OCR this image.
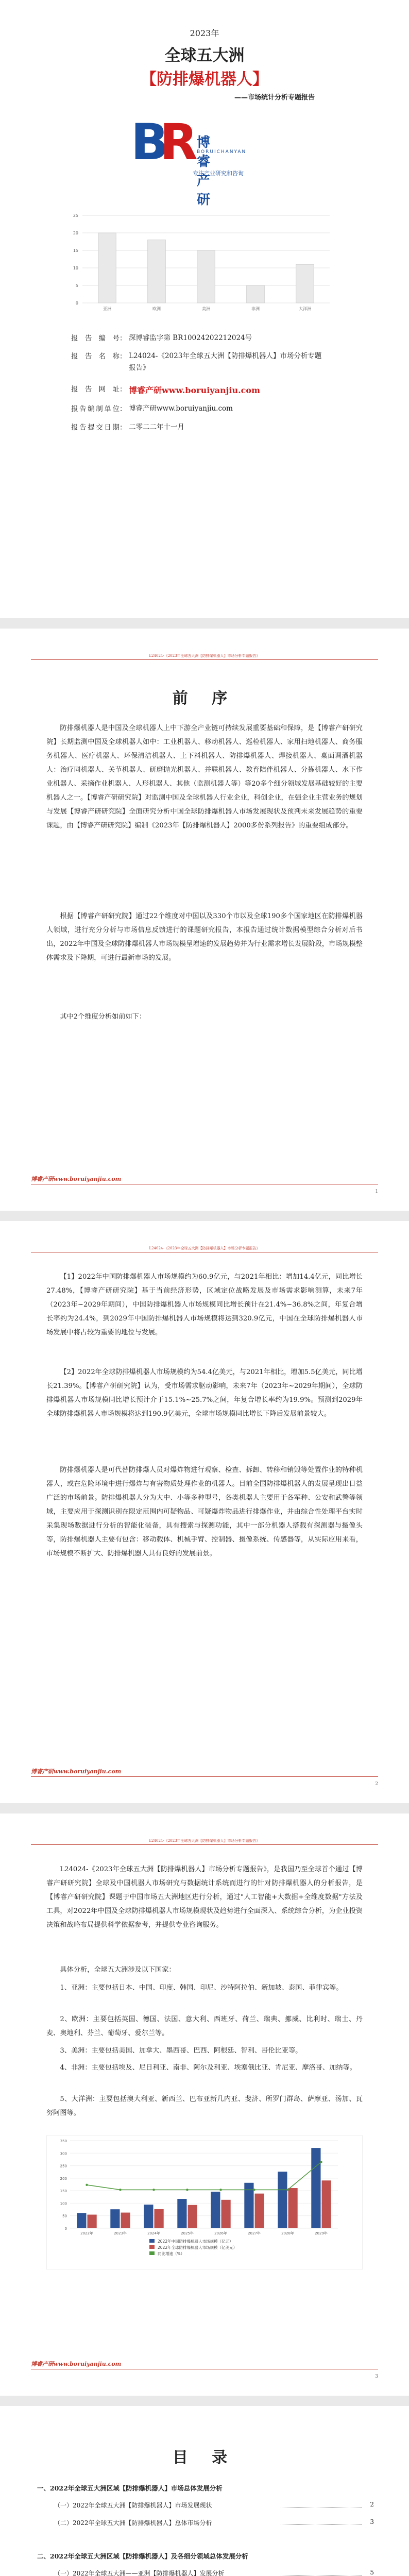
2023年
全球五大洲
【防排爆机器人】
——市场统计分析专题报告
B
R
博睿产研
BORUICHANYAN
专注产业研究和咨询
0
5
10
15
20
25
亚洲	欧洲	美洲	非洲	大洋洲
报告编号： 深博睿监字第 BR10024202212024号
报告名称： L24024-《2023年全球五大洲【防排爆机器人】市场分析专题报告》
报告网址： 博睿产研www.boruiyanjiu.com
报告编制单位： 博睿产研www.boruiyanjiu.com
报告提交日期： 二零二二年十一月
L24024-《2023年全球五大洲【防排爆机器人】市场分析专题报告》
前 序
防排爆机器人是中国及全球机器人上中下游全产业链可持续发展重要基础和保障，是【博睿产研研究院】长期监测中国及全球机器人如中：工业机器人、移动机器人、巡检机器人、家用扫地机器人、商务服务机器人、医疗机器人、环保清洁机器人、上下料机器人、防排爆机器人、焊接机器人、桌面调酒机器人：治疗同机器人、关节机器人、研磨抛光机器人、并联机器人、教育陪伴机器人、分拣机器人、水下作业机器人、采摘作业机器人、人形机器人、其他（监测机器人等）等20多个细分领域发展基础较好的主要机器人之一。【博睿产研研究院】对监测中国及全球机器人行业企业，科创企业，在强企业主营业务的规划与发展【博睿产研研究院】全面研究分析中国全球防排爆机器人市场发展现状及预判未来发展趋势的重要课题，由【博睿产研研究院】编制《2023年【防排爆机器人】2000多份系列报告》的重要组成部分。
根据【博睿产研研究院】通过22个维度对中国以及330个市以及全球190多个国家地区在防排爆机器人领域，进行充分分析与市场信息反馈进行的课题研究报告，本报告通过统计数据模型综合分析对后书出，2022年中国及全球防排爆机器人市场规模呈增速的发展趋势并为行业需求增长发展阶段，市场规模整体需求及下降期，可进行最新市场的发展。
其中2个维度分析如前如下：
博睿产研www.boruiyanjiu.com
1
L24024-《2023年全球五大洲【防排爆机器人】市场分析专题报告》
【1】2022年中国防排爆机器人市场规模约为60.9亿元，与2021年相比：增加14.4亿元，同比增长27.48%，【博睿产研研究院】基于当前经济形势，区域定位战略发展及市场需求影响测算，未来7年（2023年~2029年期间），中国防排爆机器人市场规模同比增长预计在21.4%~36.8%之间，年复合增长率约为24.4%，到2029年中国防排爆机器人市场规模将达到320.9亿元，中国在全球防排爆机器人市场发展中将占较为重要的地位与发展。
【2】2022年全球防排爆机器人市场规模约为54.4亿美元，与2021年相比，增加5.5亿美元，同比增长21.39%。【博睿产研研究院】认为，受市场需求驱动影响，未来7年（2023年~2029年期间），全球防排爆机器人市场规模同比增长预计介于15.1%~25.7%之间，年复合增长率约为19.9%。预测到2029年全球防排爆机器人市场规模将达到190.9亿美元，全球市场规模同比增长下降后发展前景较大。
防排爆机器人是可代替防排爆人员对爆炸物进行观察、检查、拆卸、转移和销毁等处置作业的特种机器人，或在危险环境中进行爆炸与有害物质处理作业的机器人。目前全国防排爆机器人的发展呈现出日益广泛的市场前景。防排爆机器人分为大中、小等多种型号，各类机器人主要用于各军种、公安和武警等领域，主要应用于探测识别在限定范围内可疑物品、可疑爆炸物品进行排爆作业，并由综合性处理平台实时采集现场数据进行分析的智能化装备，具有搜索与探测功能，其中一部分机器人搭载有探测器与摄像头等，防排爆机器人主要有包含：移动载体、机械手臂、控制器、摄像系统、传感器等，从实际应用来看，市场规模不断扩大、防排爆机器人具有良好的发展前景。
博睿产研www.boruiyanjiu.com
2
L24024-《2023年全球五大洲【防排爆机器人】市场分析专题报告》
L24024-《2023年全球五大洲【防排爆机器人】市场分析专题报告》，是我国乃至全球首个通过【博睿产研研究院】全球及中国机器人市场研究与数据统计系统而进行的针对防排爆机器人的分析报告，是【博睿产研研究院】课题于中国市场五大洲地区进行分析，通过"人工智能+大数据+全维度数据"方法及工具，对2022年中国及全球防排爆机器人市场规模现状及趋势进行全面深入、系统综合分析，为企业投资决策和战略布局提供科学依据参考，并提供专业咨询服务。
具体分析，全球五大洲涉及以下国家：
1、亚洲：主要包括日本、中国、印度、韩国、印尼、沙特阿拉伯、新加坡、泰国、菲律宾等。
2、欧洲：主要包括英国、德国、法国、意大利、西班牙、荷兰、瑞典、挪威、比利时、瑞士、丹麦、奥地利、芬兰、葡萄牙、爱尔兰等。
3、美洲：主要包括美国、加拿大、墨西哥、巴西、阿根廷、智利、哥伦比亚等。
4、非洲：主要包括埃及、尼日利亚、南非、阿尔及利亚、埃塞俄比亚、肯尼亚、摩洛哥、加纳等。
5、大洋洲：主要包括澳大利亚、新西兰、巴布亚新几内亚、斐济、所罗门群岛、萨摩亚、汤加、瓦努阿图等。
0
50
100
150
200
250
300
350
2022年	2023年	2024年	2025年	2026年	2027年	2028年	2029年
2022年中国防排爆机器人市场规模（亿元）
2022年全球防排爆机器人市场规模（亿美元）
同比增速（%）
博睿产研www.boruiyanjiu.com
3
目 录
一、2022年全球五大洲区域【防排爆机器人】市场总体发展分析
（一）2022年全球五大洲【防排爆机器人】市场发展现状	2
（二）2022年全球五大洲【防排爆机器人】总体市场分析	3
二、2022年全球五大洲区域【防排爆机器人】及各细分领域总体发展分析
（一）2022年全球五大洲——亚洲【防排爆机器人】发展分析	5
